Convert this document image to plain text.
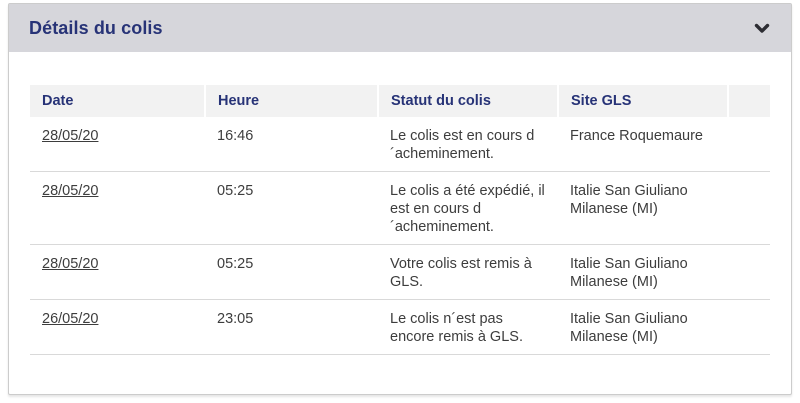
Détails du colis
Date	Heure	Statut du colis	Site GLS	
28/05/20	16:46	Le colis est en cours d´acheminement.	France Roquemaure	
28/05/20	05:25	Le colis a été expédié, il est en cours d´acheminement.	Italie San Giuliano Milanese (MI)	
28/05/20	05:25	Votre colis est remis à GLS.	Italie San Giuliano Milanese (MI)	
26/05/20	23:05	Le colis n´est pas encore remis à GLS.	Italie San Giuliano Milanese (MI)	
